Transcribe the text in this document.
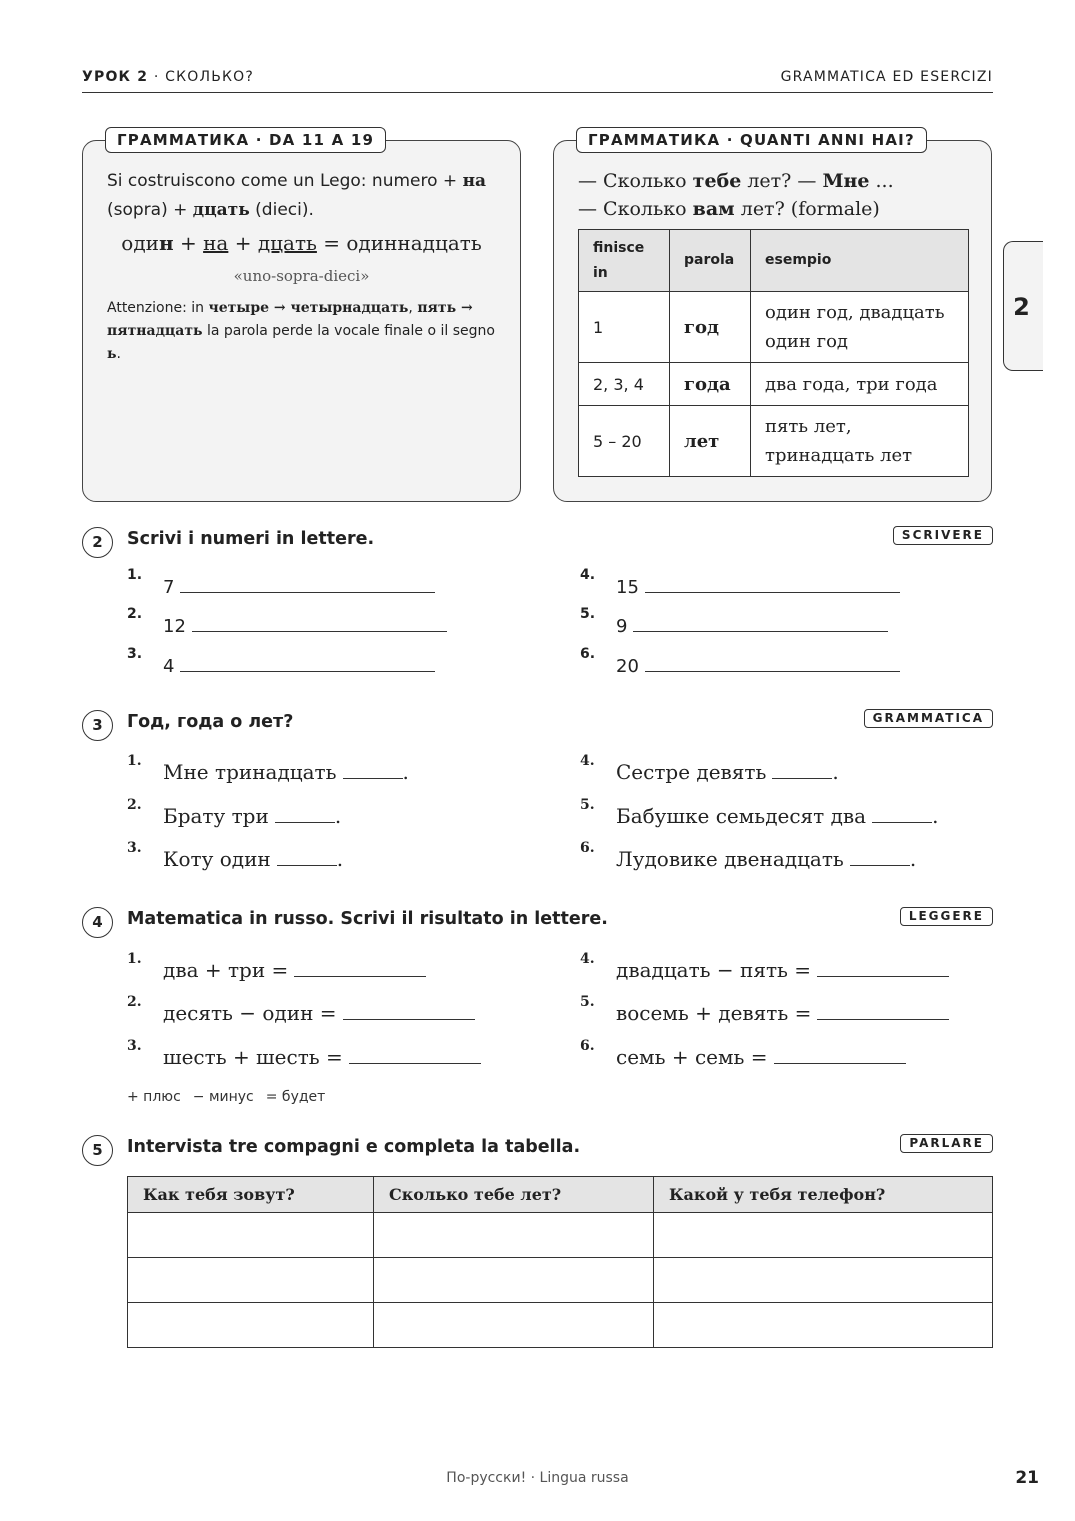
УРОК 2 · СКОЛЬКО?	GRAMMATICA ED ESERCIZI
ГРАММАТИКА · DA 11 A 19
Si costruiscono come un Lego: numero + на (sopra) + дцать (dieci).
один + на + дцать = одиннадцать
«uno-sopra-dieci»
Attenzione: in четыре → четырнадцать, пять → пятнадцать la parola perde la vocale finale o il segno ь.
ГРАММАТИКА · QUANTI ANNI HAI?
— Сколько тебе лет? — Мне ...
— Сколько вам лет? (formale)
finisce in	parola	esempio
1	год	один год, двадцать один год
2, 3, 4	года	два года, три года
5 – 20	лет	пять лет, тринадцать лет
2
2	Scrivi i numeri in lettere.	SCRIVERE
1.
7
2.
12
3.
4
4.
15
5.
9
6.
20
3	Год, года o лет?	GRAMMATICA
1. Мне тринадцать	.
2. Брату три	.
3. Коту один	.
4. Сестре девять	.
5. Бабушке семьдесят два	.
6. Лудовике двенадцать	.
4	Matematica in russo. Scrivi il risultato in lettere.	LEGGERE
1. два + три =
2. десять − один =
3. шесть + шесть =
4. двадцать − пять =
5. восемь + девять =
6. семь + семь =
+ плюс − минус = будет
5	Intervista tre compagni e completa la tabella.	PARLARE
Как тебя зовут?	Сколько тебе лет?	Какой у тебя телефон?

По-русски! · Lingua russa	21
